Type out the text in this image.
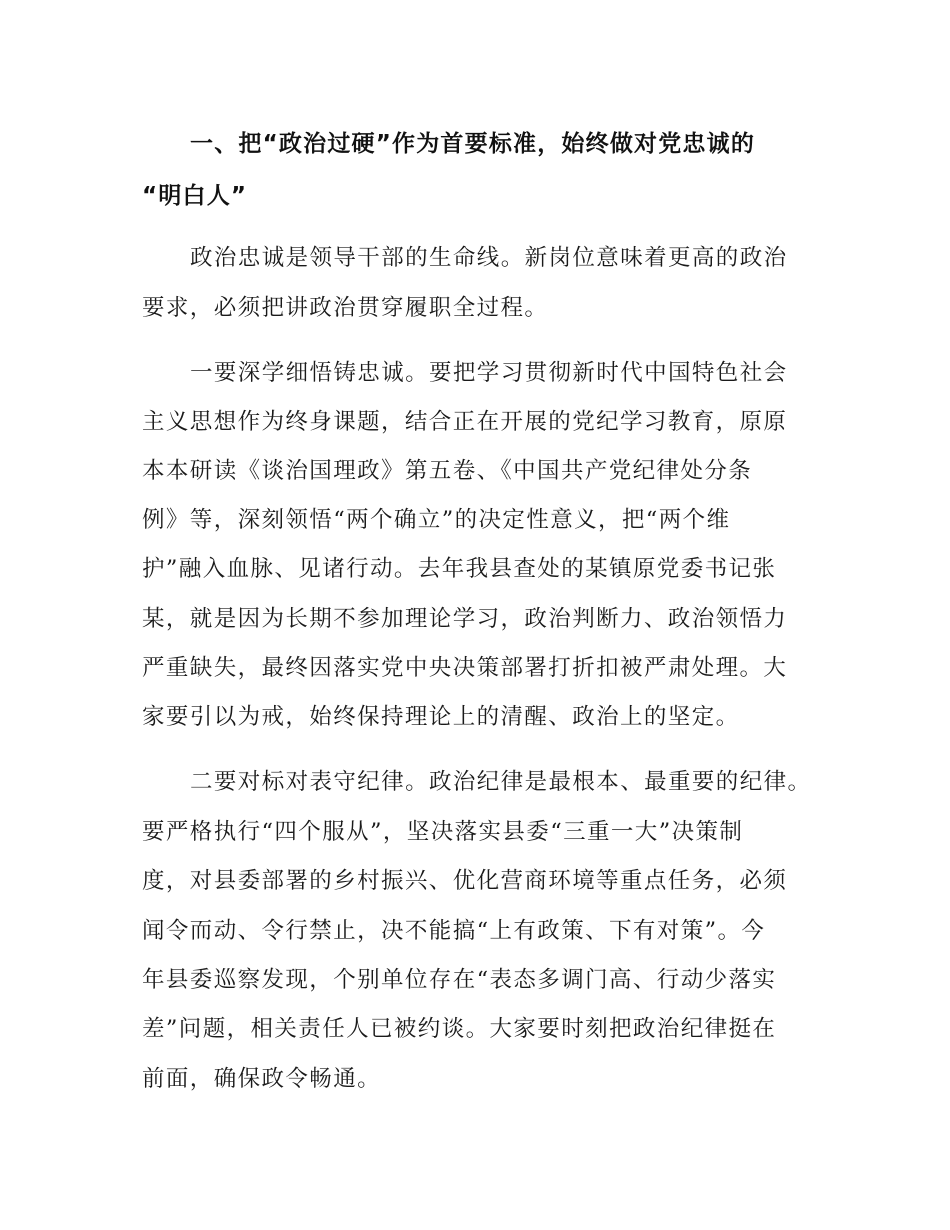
一、把“政治过硬”作为首要标准，始终做对党忠诚的
“明白人”
政治忠诚是领导干部的生命线。新岗位意味着更高的政治
要求，必须把讲政治贯穿履职全过程。
一要深学细悟铸忠诚。要把学习贯彻新时代中国特色社会
主义思想作为终身课题，结合正在开展的党纪学习教育，原原
本本研读《谈治国理政》第五卷、《中国共产党纪律处分条
例》等，深刻领悟“两个确立”的决定性意义，把“两个维
护”融入血脉、见诸行动。去年我县查处的某镇原党委书记张
某，就是因为长期不参加理论学习，政治判断力、政治领悟力
严重缺失，最终因落实党中央决策部署打折扣被严肃处理。大
家要引以为戒，始终保持理论上的清醒、政治上的坚定。
二要对标对表守纪律。政治纪律是最根本、最重要的纪律。
要严格执行“四个服从”，坚决落实县委“三重一大”决策制
度，对县委部署的乡村振兴、优化营商环境等重点任务，必须
闻令而动、令行禁止，决不能搞“上有政策、下有对策”。今
年县委巡察发现，个别单位存在“表态多调门高、行动少落实
差”问题，相关责任人已被约谈。大家要时刻把政治纪律挺在
前面，确保政令畅通。
